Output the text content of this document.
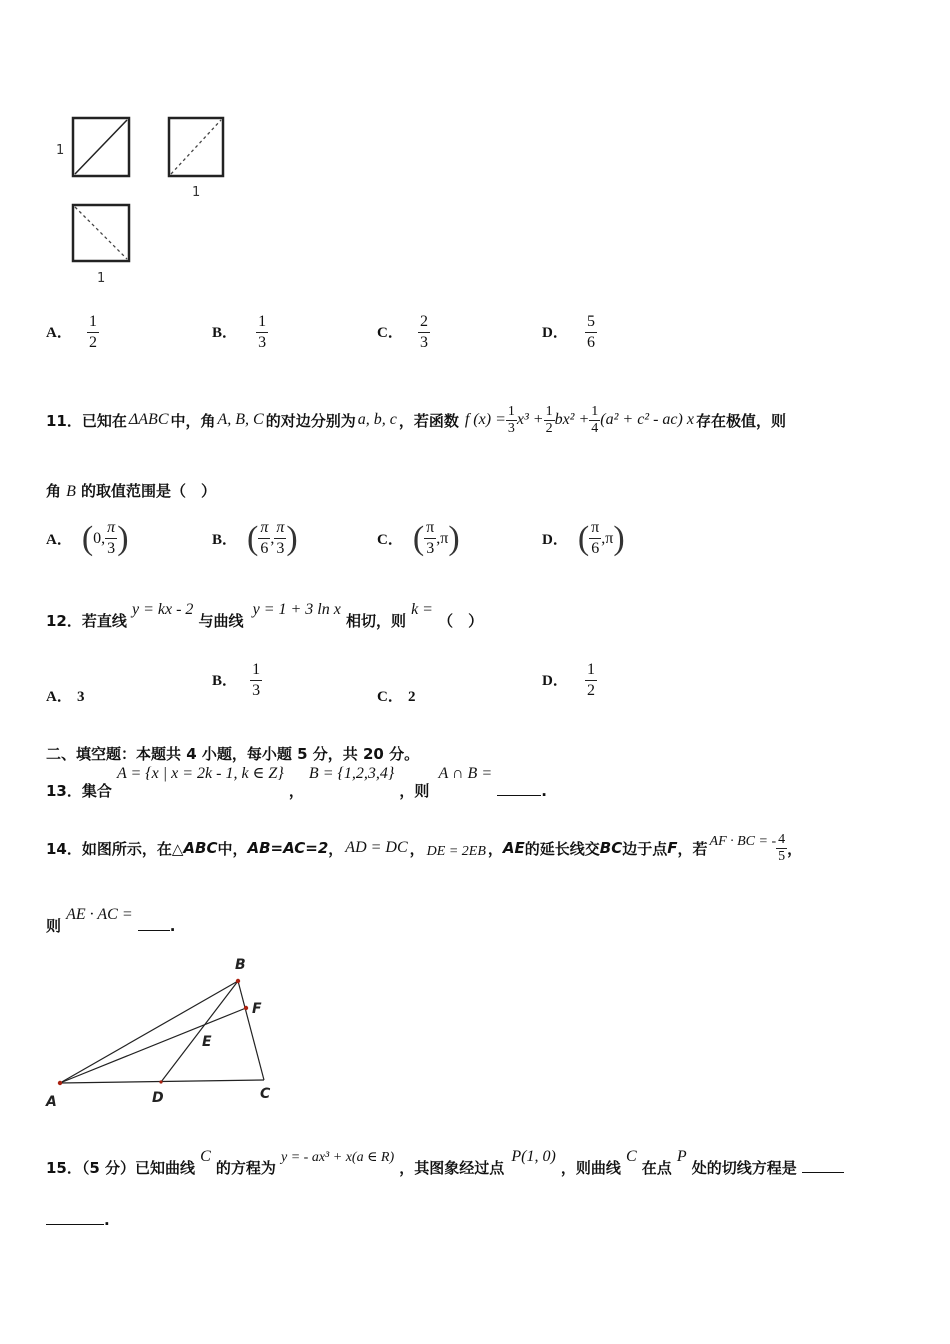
1
1
1
A． $\frac{1}{2}$	B． $\frac{1}{3}$	C． $\frac{2}{3}$	D． $\frac{5}{6}$
11．已知在 ΔABC 中，角 A, B, C 的对边分别为 a, b, c ，若函数 f $(x) = \frac{1}{3} x^3 + \frac{1}{2} bx^2 + \frac{1}{4} (a^2 + c^2 - ac)$ x 存在极值，则
角 B 的取值范围是（　）
A． ( 0, $\frac{\pi}{3}$ )	B． ( $\frac{\pi}{6}$ , $\frac{\pi}{3}$ )	C． ( $\frac{\pi}{3} ,\pi$ )	D． ( $\frac{\pi}{6} ,\pi$ )
12．若直线 y = kx - 2 与曲线 y = 1 + 3 ln x 相切，则 k = （　）
A． 3
B． $\frac{1}{3}$	C． 2
D． $\frac{1}{2}$
二、填空题：本题共 4 小题，每小题 5 分，共 20 分。
13．集合 A = {x | x = 2k - 1, k ∈ Z} ， B = {1,2,3,4} ，则 A ∩ B = .
14．如图所示，在△ ABC 中， AB=AC=2 ， AD = DC ， DE = 2EB ， AE 的延长线交 BC 边于点 F ，若 AF · BC = - $\frac{4}{5}$ ，
则 AE · AC = .
A
B
C
D
E
F
15．（5 分）已知曲线 C 的方程为 y = - ax³ + x(a ∈ R) ，其图象经过点 P(1, 0) ，则曲线 C 在点 P 处的切线方程是
.
